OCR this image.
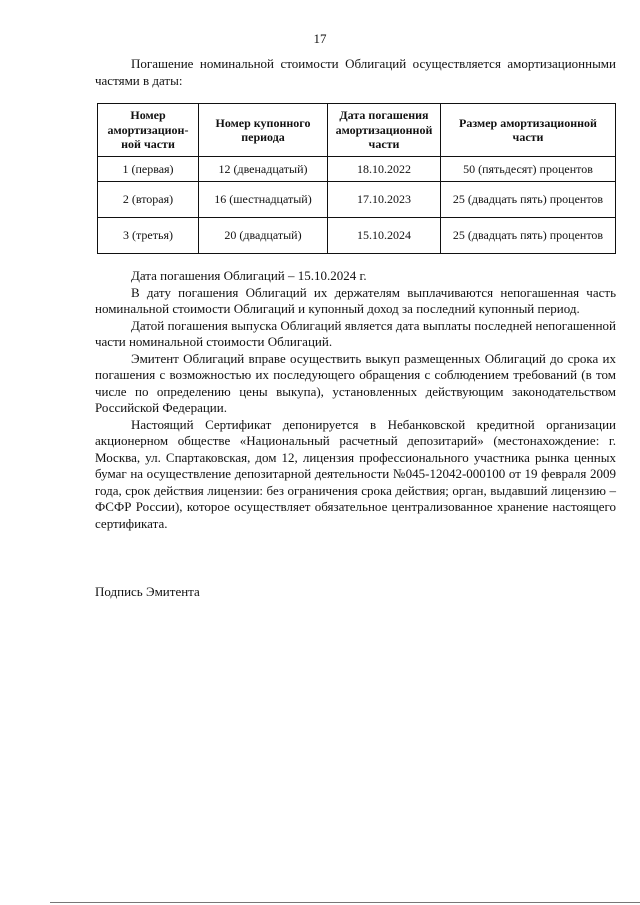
17

Погашение номинальной стоимости Облигаций осуществляется амортизационными частями в даты:

Номер амортизацион-ной части	Номер купонного периода	Дата погашения амортизационной части	Размер амортизационной части
1 (первая)	12 (двенадцатый)	18.10.2022	50 (пятьдесят) процентов
2 (вторая)	16 (шестнадцатый)	17.10.2023	25 (двадцать пять) процентов
3 (третья)	20 (двадцатый)	15.10.2024	25 (двадцать пять) процентов

Дата погашения Облигаций – 15.10.2024 г.

В дату погашения Облигаций их держателям выплачиваются непогашенная часть номинальной стоимости Облигаций и купонный доход за последний купонный период.

Датой погашения выпуска Облигаций является дата выплаты последней непогашенной части номинальной стоимости Облигаций.

Эмитент Облигаций вправе осуществить выкуп размещенных Облигаций до срока их погашения с возможностью их последующего обращения с соблюдением требований (в том числе по определению цены выкупа), установленных действующим законодательством Российской Федерации.

Настоящий Сертификат депонируется в Небанковской кредитной организации акционерном обществе «Национальный расчетный депозитарий» (местонахождение: г. Москва, ул. Спартаковская, дом 12, лицензия профессионального участника рынка ценных бумаг на осуществление депозитарной деятельности №045-12042-000100 от 19 февраля 2009 года, срок действия лицензии: без ограничения срока действия; орган, выдавший лицензию – ФСФР России), которое осуществляет обязательное централизованное хранение настоящего сертификата.

Подпись Эмитента
